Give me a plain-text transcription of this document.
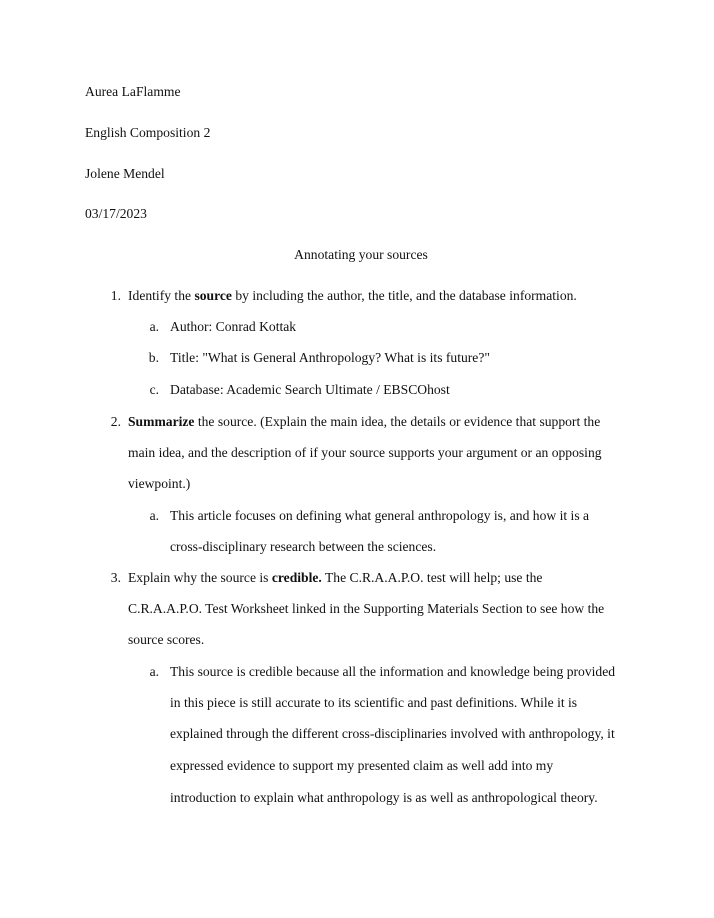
Aurea LaFlamme
English Composition 2
Jolene Mendel
03/17/2023
Annotating your sources
1. Identify the source by including the author, the title, and the database information.
a. Author: Conrad Kottak
b. Title: "What is General Anthropology? What is its future?"
c. Database: Academic Search Ultimate / EBSCOhost
2. Summarize the source. (Explain the main idea, the details or evidence that support the
main idea, and the description of if your source supports your argument or an opposing
viewpoint.)
a. This article focuses on defining what general anthropology is, and how it is a
cross-disciplinary research between the sciences.
3. Explain why the source is credible. The C.R.A.A.P.O. test will help; use the
C.R.A.A.P.O. Test Worksheet linked in the Supporting Materials Section to see how the
source scores.
a. This source is credible because all the information and knowledge being provided
in this piece is still accurate to its scientific and past definitions. While it is
explained through the different cross-disciplinaries involved with anthropology, it
expressed evidence to support my presented claim as well add into my
introduction to explain what anthropology is as well as anthropological theory.
